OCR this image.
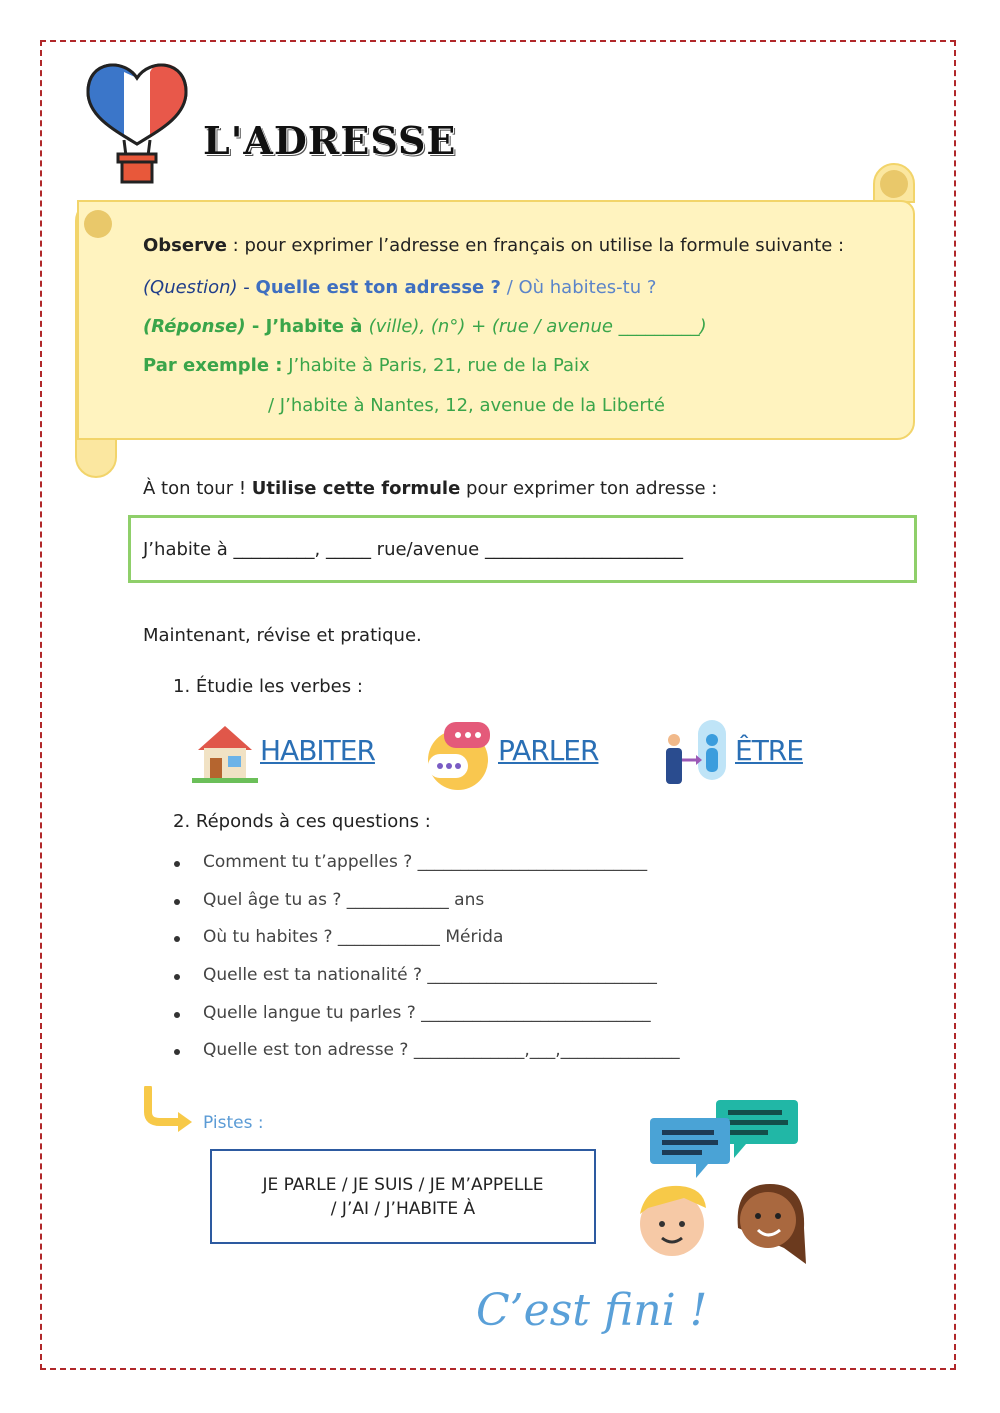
L'ADRESSE
Observe : pour exprimer l’adresse en français on utilise la formule suivante :
(Question) - Quelle est ton adresse ? / Où habites-tu ?
(Réponse) - J’habite à (ville), (n°) + (rue / avenue _________)
Par exemple : J’habite à Paris, 21, rue de la Paix
/ J’habite à Nantes, 12, avenue de la Liberté
À ton tour ! Utilise cette formule pour exprimer ton adresse :
J’habite à _________, _____ rue/avenue ______________________
Maintenant, révise et pratique.
1. Étudie les verbes :
HABITER	PARLER	ÊTRE
2. Réponds à ces questions :
Comment tu t’appelles ? ___________________________
Quel âge tu as ? ____________ ans
Où tu habites ? ____________ Mérida
Quelle est ta nationalité ? ___________________________
Quelle langue tu parles ? ___________________________
Quelle est ton adresse ? _____________,___,______________
Pistes :
JE PARLE / JE SUIS / JE M’APPELLE
/ J’AI / J’HABITE À
C’est fini !
